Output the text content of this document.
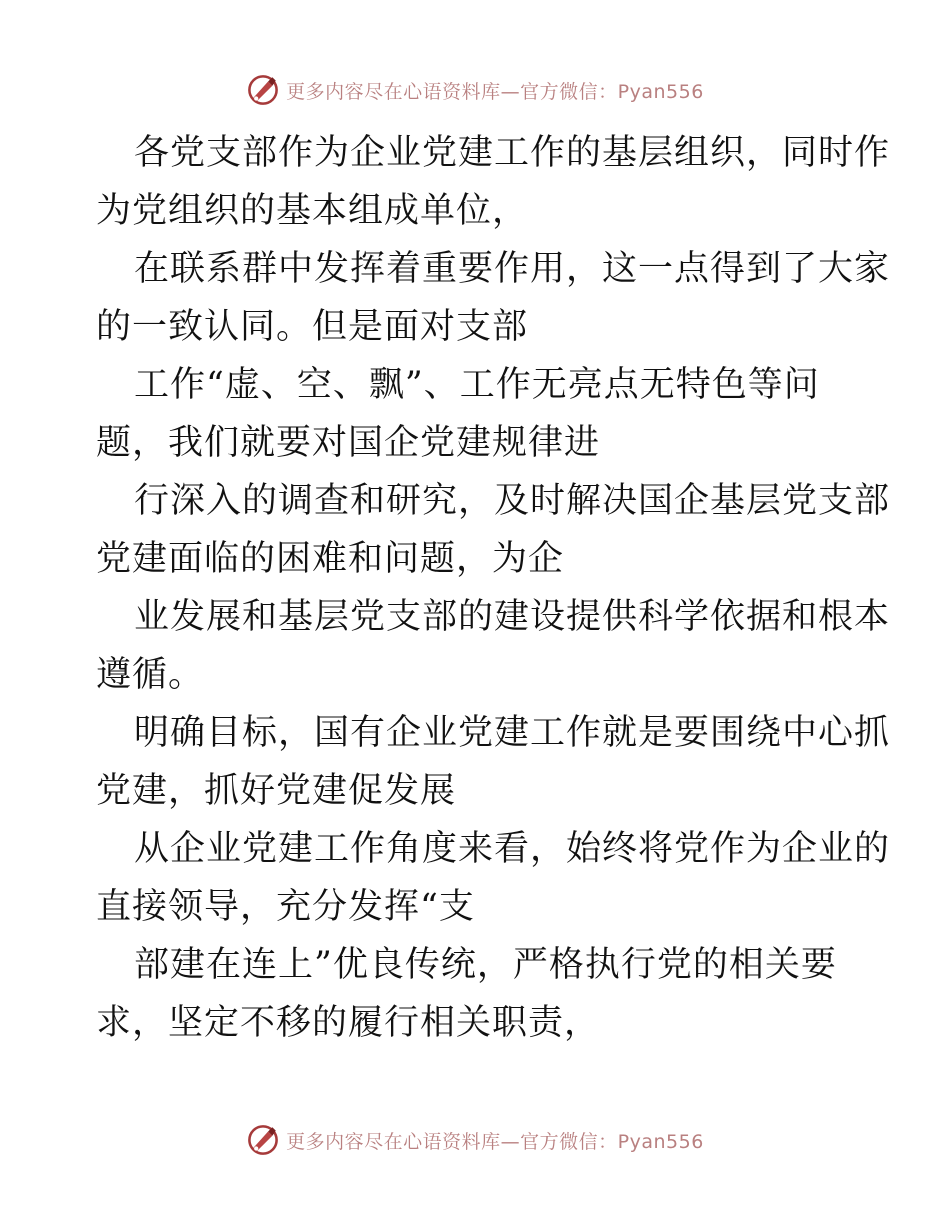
更多内容尽在心语资料库—官方微信：Pyan556
各党支部作为企业党建工作的基层组织，同时作
为党组织的基本组成单位，
在联系群中发挥着重要作用，这一点得到了大家
的一致认同。但是面对支部
工作“虚、空、飘”、工作无亮点无特色等问
题，我们就要对国企党建规律进
行深入的调查和研究，及时解决国企基层党支部
党建面临的困难和问题，为企
业发展和基层党支部的建设提供科学依据和根本
遵循。
明确目标，国有企业党建工作就是要围绕中心抓
党建，抓好党建促发展
从企业党建工作角度来看，始终将党作为企业的
直接领导，充分发挥“支
部建在连上”优良传统，严格执行党的相关要
求，坚定不移的履行相关职责，
更多内容尽在心语资料库—官方微信：Pyan556
